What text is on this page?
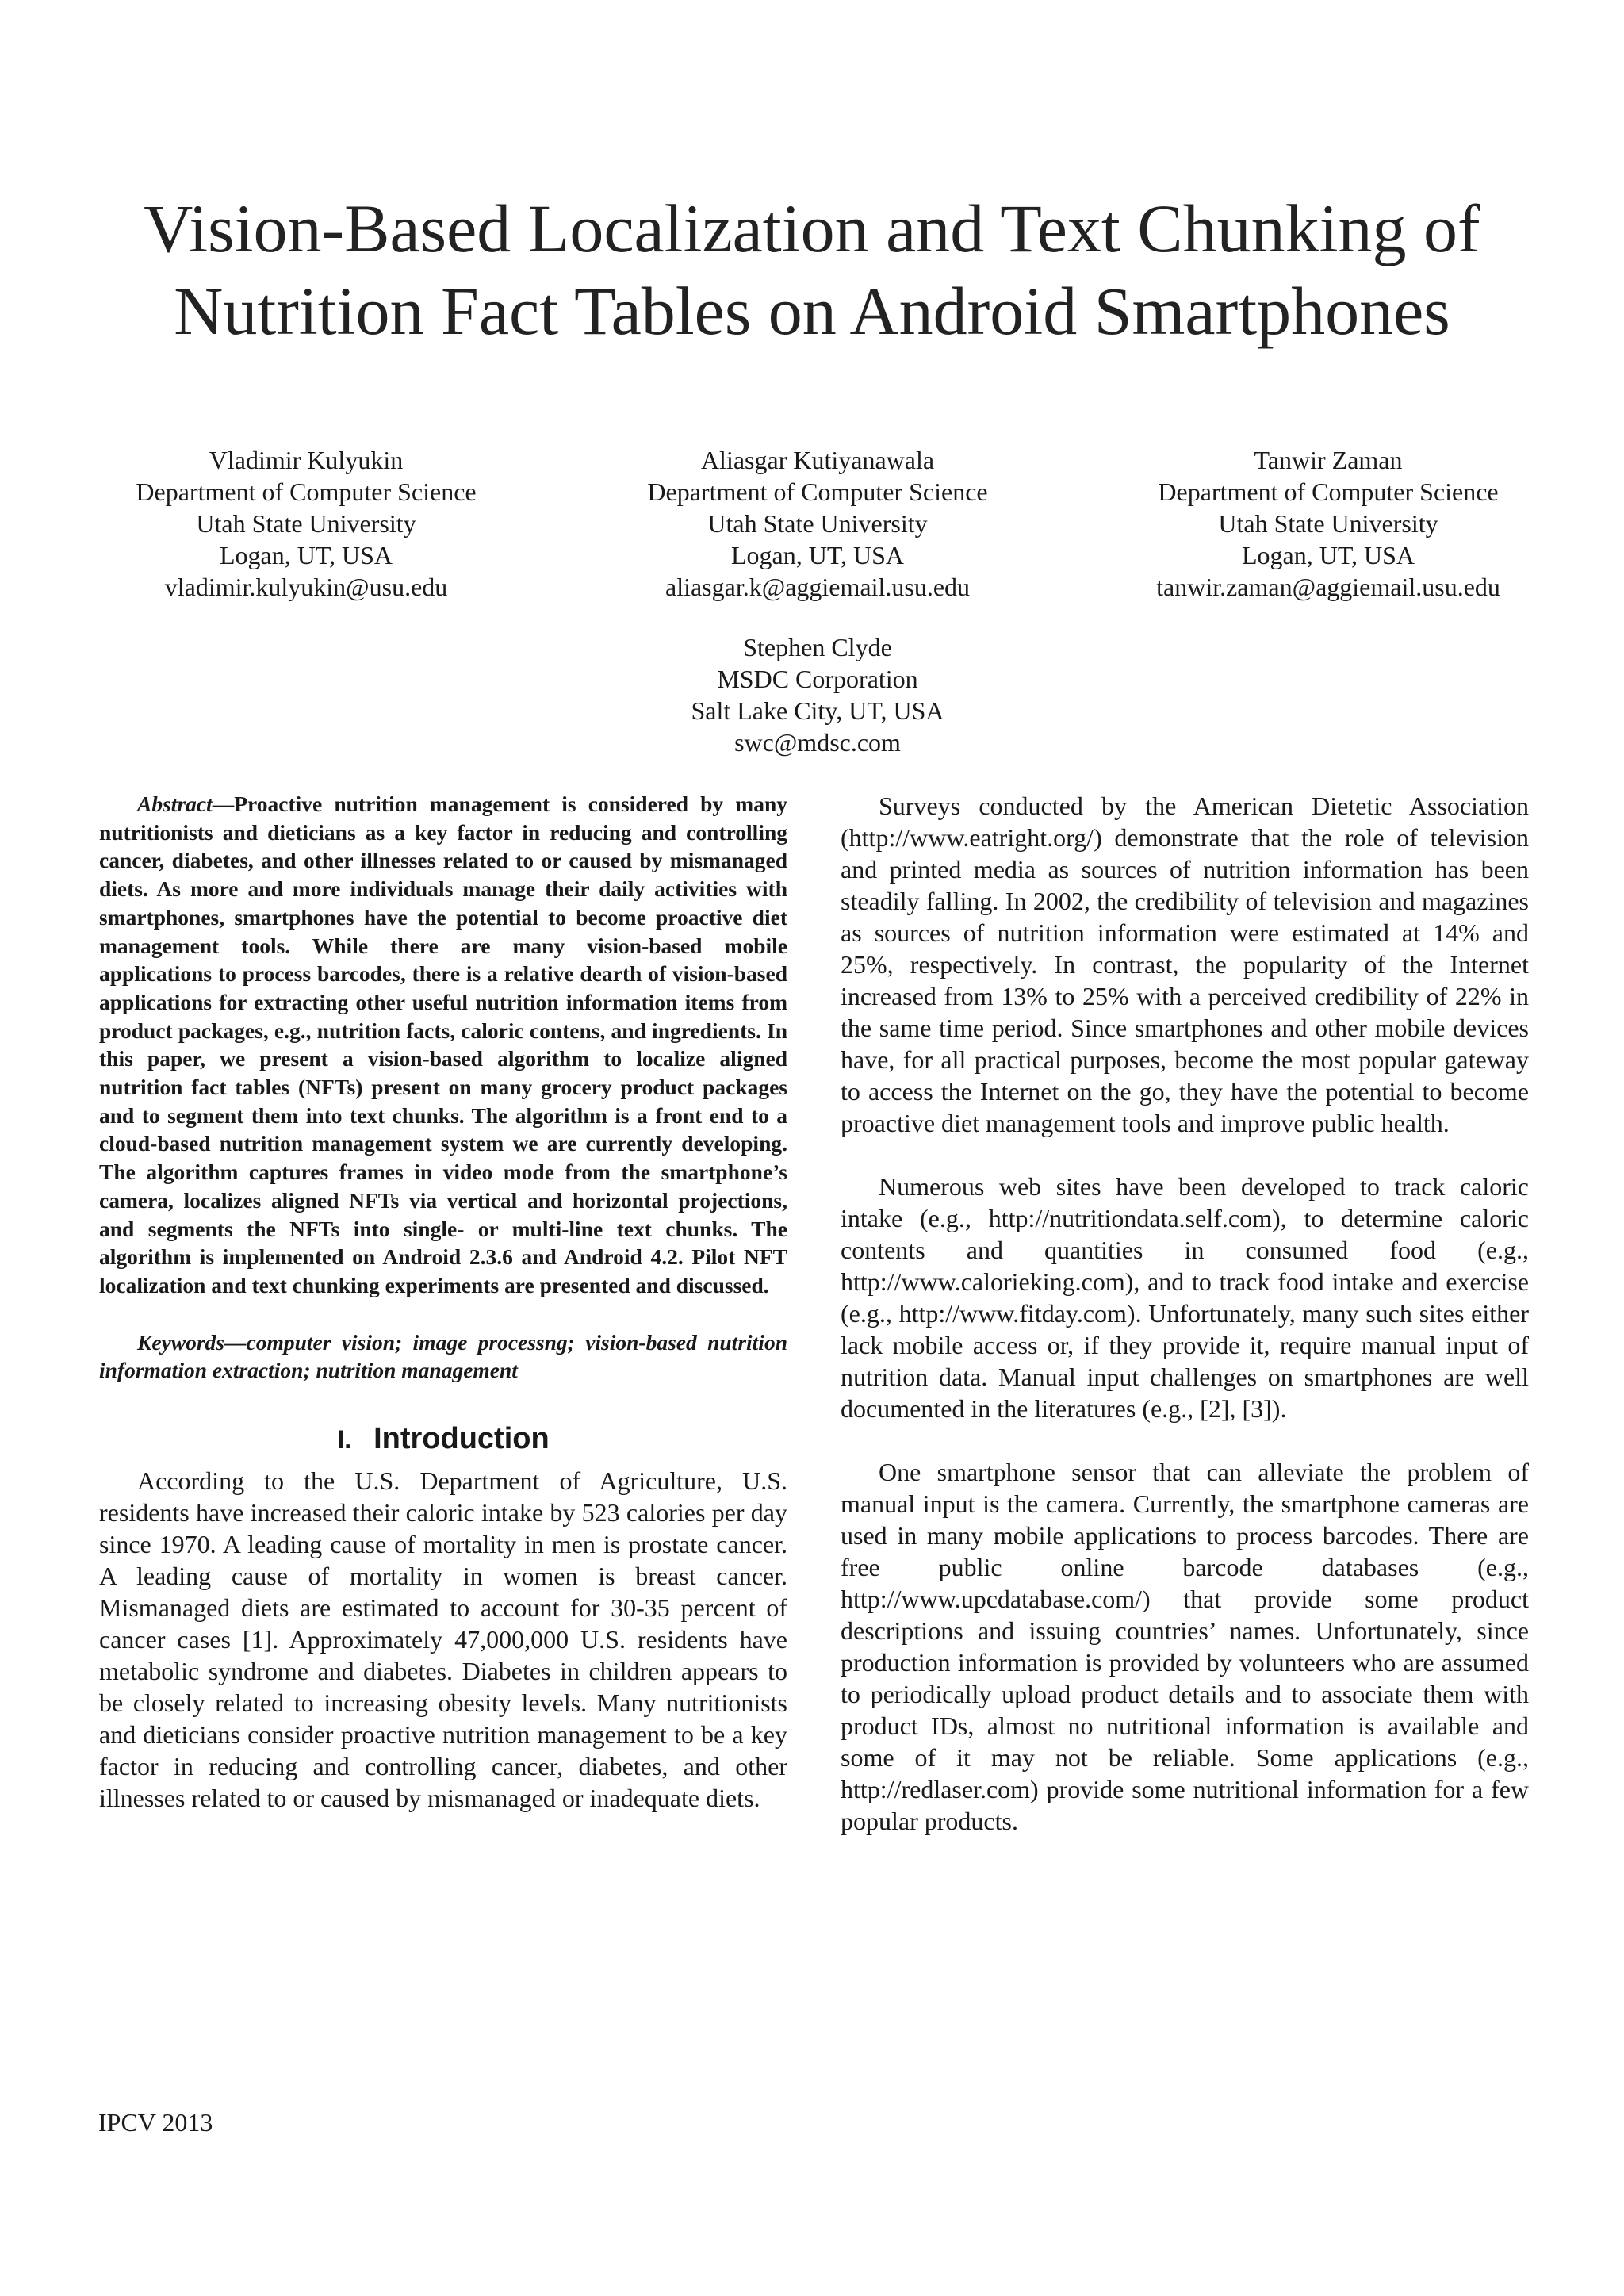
Vision-Based Localization and Text Chunking of
Nutrition Fact Tables on Android Smartphones
Vladimir Kulyukin
Department of Computer Science
Utah State University
Logan, UT, USA
vladimir.kulyukin@usu.edu
Aliasgar Kutiyanawala
Department of Computer Science
Utah State University
Logan, UT, USA
aliasgar.k@aggiemail.usu.edu
Tanwir Zaman
Department of Computer Science
Utah State University
Logan, UT, USA
tanwir.zaman@aggiemail.usu.edu
Stephen Clyde
MSDC Corporation
Salt Lake City, UT, USA
swc@mdsc.com

Abstract—Proactive nutrition management is considered by many nutritionists and dieticians as a key factor in reducing and controlling cancer, diabetes, and other illnesses related to or caused by mismanaged diets. As more and more individuals manage their daily activities with smartphones, smartphones have the potential to become proactive diet management tools. While there are many vision-based mobile applications to process barcodes, there is a relative dearth of vision-based applications for extracting other useful nutrition information items from product packages, e.g., nutrition facts, caloric contens, and ingredients. In this paper, we present a vision-based algorithm to localize aligned nutrition fact tables (NFTs) present on many grocery product packages and to segment them into text chunks. The algorithm is a front end to a cloud-based nutrition management system we are currently developing. The algorithm captures frames in video mode from the smartphone’s camera, localizes aligned NFTs via vertical and horizontal projections, and segments the NFTs into single- or multi-line text chunks. The algorithm is implemented on Android 2.3.6 and Android 4.2. Pilot NFT localization and text chunking experiments are presented and discussed.

Keywords—computer vision; image processng; vision-based nutrition information extraction; nutrition management
I. Introduction

According to the U.S. Department of Agriculture, U.S. residents have increased their caloric intake by 523 calories per day since 1970. A leading cause of mortality in men is prostate cancer. A leading cause of mortality in women is breast cancer. Mismanaged diets are estimated to account for 30-35 percent of cancer cases [1]. Approximately 47,000,000 U.S. residents have metabolic syndrome and diabetes. Diabetes in children appears to be closely related to increasing obesity levels. Many nutritionists and dieticians consider proactive nutrition management to be a key factor in reducing and controlling cancer, diabetes, and other illnesses related to or caused by mismanaged or inadequate diets.

Surveys conducted by the American Dietetic Association (http://www.eatright.org/) demonstrate that the role of television and printed media as sources of nutrition information has been steadily falling. In 2002, the credibility of television and magazines as sources of nutrition information were estimated at 14% and 25%, respectively. In contrast, the popularity of the Internet increased from 13% to 25% with a perceived credibility of 22% in the same time period. Since smartphones and other mobile devices have, for all practical purposes, become the most popular gateway to access the Internet on the go, they have the potential to become proactive diet management tools and improve public health.

Numerous web sites have been developed to track caloric intake (e.g., http://nutritiondata.self.com), to determine caloric contents and quantities in consumed food (e.g., http://www.calorieking.com), and to track food intake and exercise (e.g., http://www.fitday.com). Unfortunately, many such sites either lack mobile access or, if they provide it, require manual input of nutrition data. Manual input challenges on smartphones are well documented in the literatures (e.g., [2], [3]).

One smartphone sensor that can alleviate the problem of manual input is the camera. Currently, the smartphone cameras are used in many mobile applications to process barcodes. There are free public online barcode databases (e.g., http://www.upcdatabase.com/) that provide some product descriptions and issuing countries’ names. Unfortunately, since production information is provided by volunteers who are assumed to periodically upload product details and to associate them with product IDs, almost no nutritional information is available and some of it may not be reliable. Some applications (e.g., http://redlaser.com) provide some nutritional information for a few popular products.

IPCV 2013
